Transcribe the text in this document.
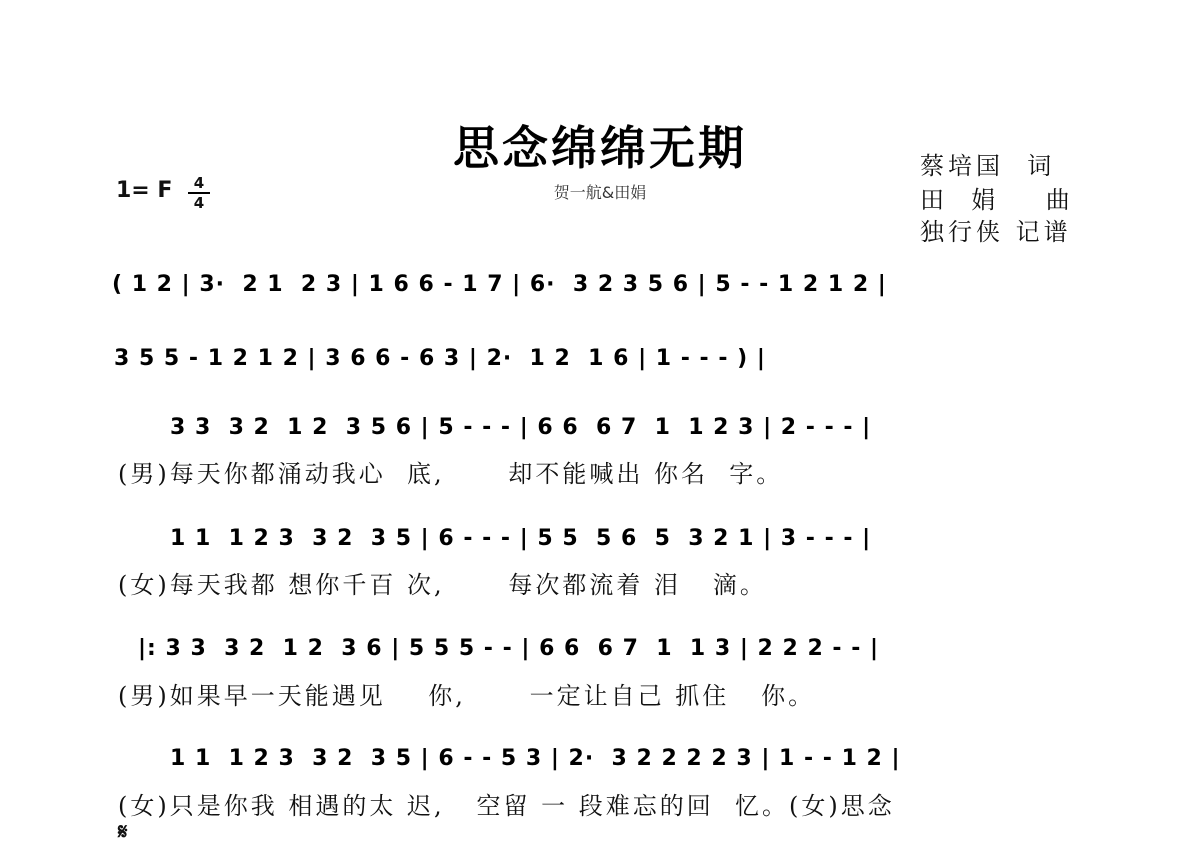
思念绵绵无期
贺一航&田娟
蔡培国  词
田  娟    曲
独行侠 记谱
1= F	4
4
( 1 2 | 3·  2 1  2 3 | 1 6 6 - 1 7 | 6·  3 2 3 5 6 | 5 - - 1 2 1 2 |
3 5 5 - 1 2 1 2 | 3 6 6 - 6 3 | 2·  1 2  1 6 | 1 - - - ) |
3 3  3 2  1 2  3 5 6 | 5 - - - | 6 6  6 7  1  1 2 3 | 2 - - - |
(男)每天你都涌动我心  底,      却不能喊出 你名  字。
1 1  1 2 3  3 2  3 5 | 6 - - - | 5 5  5 6  5  3 2 1 | 3 - - - |
(女)每天我都 想你千百 次,      每次都流着 泪   滴。
|: 3 3  3 2  1 2  3 6 | 5 5 5 - - | 6 6  6 7  1  1 3 | 2 2 2 - - |
(男)如果早一天能遇见    你,      一定让自己 抓住   你。
1 1  1 2 3  3 2  3 5 | 6 - - 5 3 | 2·  3 2 2 2 2 3 | 1 - - 1 2 |
(女)只是你我 相遇的太 迟,   空留 一 段难忘的回  忆。(女)思念
𝄋
